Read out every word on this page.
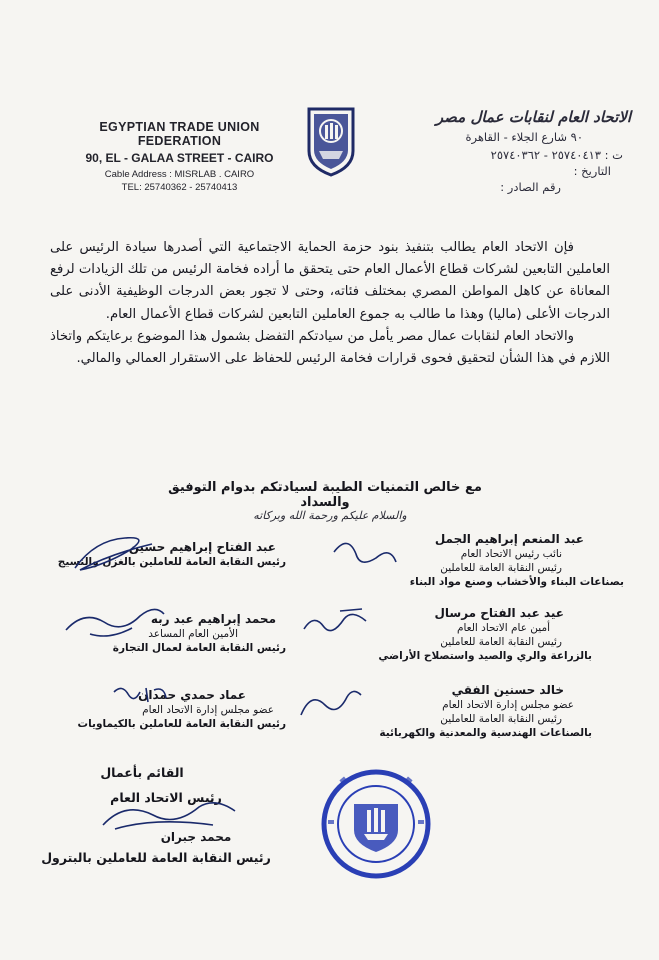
EGYPTIAN TRADE UNION FEDERATION
90, EL - GALAA STREET - CAIRO
Cable Address : MISRLAB . CAIRO
TEL: 25740362 - 25740413
الاتحاد العام لنقابات عمال مصر
٩٠ شارع الجلاء - القاهرة
ت : ٢٥٧٤٠٤١٣ - ٢٥٧٤٠٣٦٢
التاريخ :
رقم الصادر :

فإن الاتحاد العام يطالب بتنفيذ بنود حزمة الحماية الاجتماعية التي أصدرها سيادة الرئيس على العاملين التابعين لشركات قطاع الأعمال العام حتى يتحقق ما أراده فخامة الرئيس من تلك الزيادات لرفع المعاناة عن كاهل المواطن المصري بمختلف فئاته، وحتى لا تجور بعض الدرجات الوظيفية الأدنى على الدرجات الأعلى (ماليا) وهذا ما طالب به جموع العاملين التابعين لشركات قطاع الأعمال العام.

والاتحاد العام لنقابات عمال مصر يأمل من سيادتكم التفضل بشمول هذا الموضوع برعايتكم واتخاذ اللازم في هذا الشأن لتحقيق فحوى قرارات فخامة الرئيس للحفاظ على الاستقرار العمالي والمالي.

مع خالص التمنيات الطيبة لسيادتكم بدوام التوفيق والسداد
والسلام عليكم ورحمة الله وبركاته
عبد المنعم إبراهيم الجمل
نائب رئيس الاتحاد العام
رئيس النقابة العامة للعاملين
بصناعات البناء والأخشاب وصنع مواد البناء
عيد عبد الفتاح مرسال
أمين عام الاتحاد العام
رئيس النقابة العامة للعاملين
بالزراعة والري والصيد واستصلاح الأراضي
خالد حسنين الفقي
عضو مجلس إدارة الاتحاد العام
رئيس النقابة العامة للعاملين
بالصناعات الهندسية والمعدنية والكهربائية
عبد الفتاح إبراهيم حسين
رئيس النقابة العامة للعاملين بالغزل والنسيج
محمد إبراهيم عبد ربه
الأمين العام المساعد
رئيس النقابة العامة لعمال التجارة
عماد حمدي حمدان
عضو مجلس إدارة الاتحاد العام
رئيس النقابة العامة للعاملين بالكيماويات
القائم بأعمال
رئيس الاتحاد العام
محمد جبران
رئيس النقابة العامة للعاملين بالبترول
